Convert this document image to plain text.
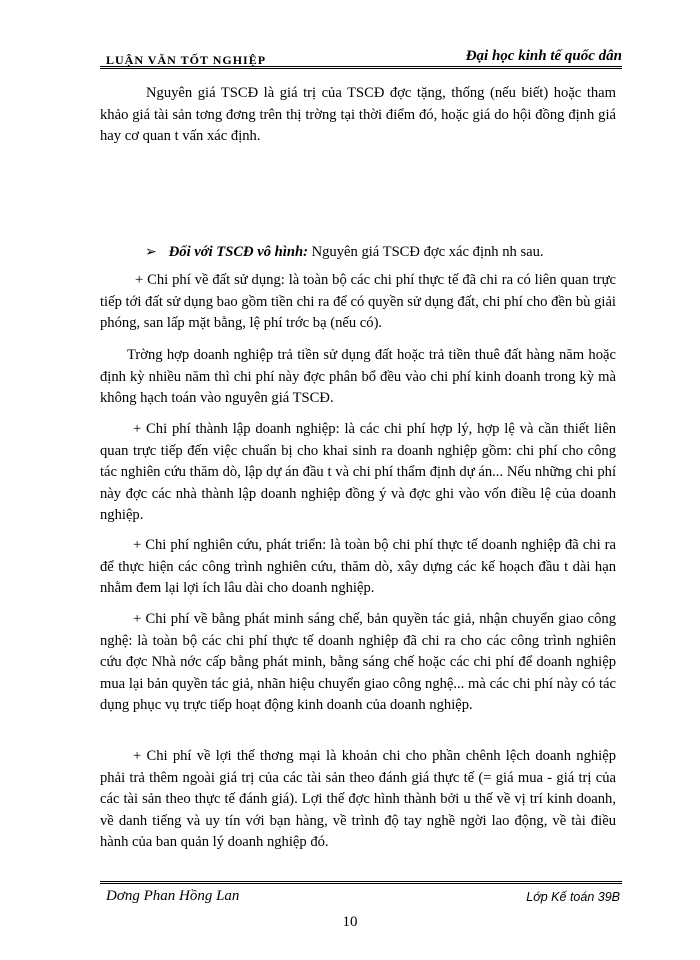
LUẬN VĂN TỐT NGHIỆP	Đại học kinh tế quốc dân

Nguyên giá TSCĐ là giá trị của TSCĐ đợc tặng, thống (nếu biết) hoặc tham khảo giá tài sản tơng đơng trên thị trờng tại thời điểm đó, hoặc giá do hội đồng định giá hay cơ quan t vấn xác định.

➢ Đối với TSCĐ vô hình: Nguyên giá TSCĐ đợc xác định nh sau.

+ Chi phí về đất sử dụng: là toàn bộ các chi phí thực tế đã chi ra có liên quan trực tiếp tới đất sử dụng bao gồm tiền chi ra để có quyền sử dụng đất, chi phí cho đền bù giải phóng, san lấp mặt bằng, lệ phí trớc bạ (nếu có).

Trờng hợp doanh nghiệp trả tiền sử dụng đất hoặc trả tiền thuê đất hàng năm hoặc định kỳ nhiều năm thì chi phí này đợc phân bổ đều vào chi phí kinh doanh trong kỳ mà không hạch toán vào nguyên giá TSCĐ.

+ Chi phí thành lập doanh nghiệp: là các chi phí hợp lý, hợp lệ và cần thiết liên quan trực tiếp đến việc chuẩn bị cho khai sinh ra doanh nghiệp gồm: chi phí cho công tác nghiên cứu thăm dò, lập dự án đầu t và chi phí thẩm định dự án... Nếu những chi phí này đợc các nhà thành lập doanh nghiệp đồng ý và đợc ghi vào vốn điều lệ của doanh nghiệp.

+ Chi phí nghiên cứu, phát triển: là toàn bộ chi phí thực tế doanh nghiệp đã chi ra để thực hiện các công trình nghiên cứu, thăm dò, xây dựng các kế hoạch đầu t dài hạn nhằm đem lại lợi ích lâu dài cho doanh nghiệp.

+ Chi phí về bằng phát minh sáng chế, bản quyền tác giả, nhận chuyển giao công nghệ: là toàn bộ các chi phí thực tế doanh nghiệp đã chi ra cho các công trình nghiên cứu đợc Nhà nớc cấp bằng phát minh, bằng sáng chế hoặc các chi phí để doanh nghiệp mua lại bản quyền tác giả, nhãn hiệu chuyển giao công nghệ... mà các chi phí này có tác dụng phục vụ trực tiếp hoạt động kinh doanh của doanh nghiệp.

+ Chi phí về lợi thế thơng mại là khoản chi cho phần chênh lệch doanh nghiệp phải trả thêm ngoài giá trị của các tài sản theo đánh giá thực tế (= giá mua - giá trị của các tài sản theo thực tế đánh giá). Lợi thế đợc hình thành bởi u thế về vị trí kinh doanh, về danh tiếng và uy tín với bạn hàng, về trình độ tay nghề ngời lao động, về tài điều hành của ban quản lý doanh nghiệp đó.

Dơng Phan Hồng Lan	Lớp Kế toán 39B
10
